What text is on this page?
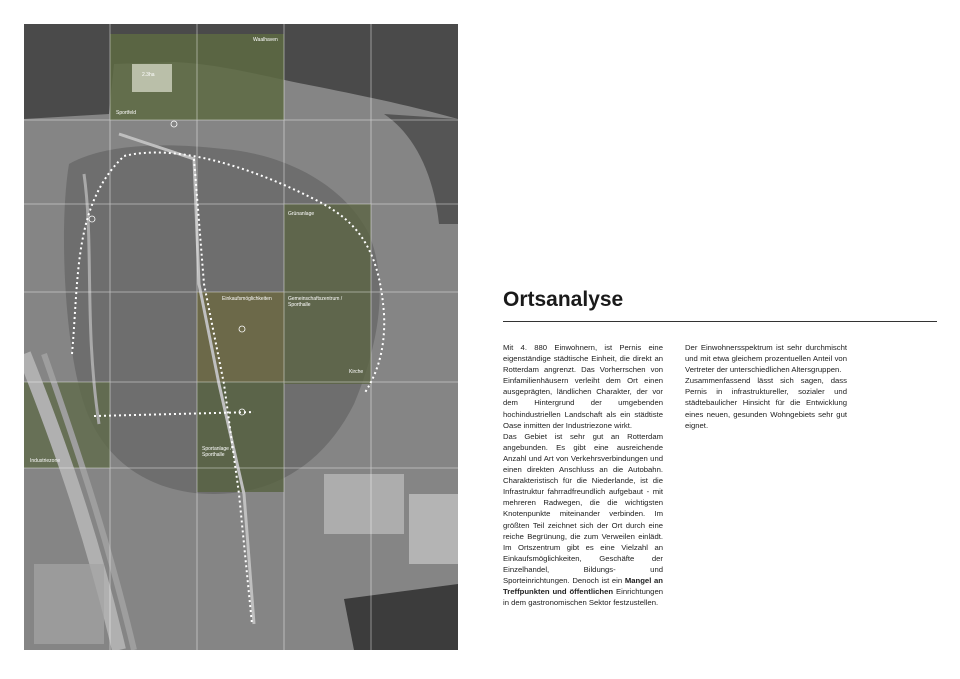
Waalhaven
2.3ha
Sportfeld
Grünanlage
Einkaufsmöglichkeiten	Gemeinschaftszentrum / Sporthalle
Kirche
Sportanlage / Sporthalle
Industriezone
Ortsanalyse

Mit 4. 880 Einwohnern, ist Pernis eine eigenständige städtische Einheit, die direkt an Rotterdam angrenzt. Das Vorherrschen von Einfamilienhäusern verleiht dem Ort einen ausgeprägten, ländlichen Charakter, der vor dem Hintergrund der umgebenden hochindustriellen Landschaft als ein städtiste Oase inmitten der Industriezone wirkt.

Das Gebiet ist sehr gut an Rotterdam angebunden. Es gibt eine ausreichende Anzahl und Art von Verkehrsverbindungen und einen direkten Anschluss an die Autobahn. Charakteristisch für die Niederlande, ist die Infrastruktur fahrradfreundlich aufgebaut - mit mehreren Radwegen, die die wichtigsten Knotenpunkte miteinander verbinden. Im größten Teil zeichnet sich der Ort durch eine reiche Begrünung, die zum Verweilen einlädt. Im Ortszentrum gibt es eine Vielzahl an Einkaufsmöglichkeiten, Geschäfte der Einzelhandel, Bildungs- und Sporteinrichtungen. Denoch ist ein Mangel an Treffpunkten und öffentlichen Einrichtungen in dem gastronomischen Sektor festzustellen.

Der Einwohnersspektrum ist sehr durchmischt und mit etwa gleichem prozentuellen Anteil von Vertreter der unterschiedlichen Altersgruppen.

Zusammenfassend lässt sich sagen, dass Pernis in infrastruktureller, sozialer und städtebaulicher Hinsicht für die Entwicklung eines neuen, gesunden Wohngebiets sehr gut eignet.
